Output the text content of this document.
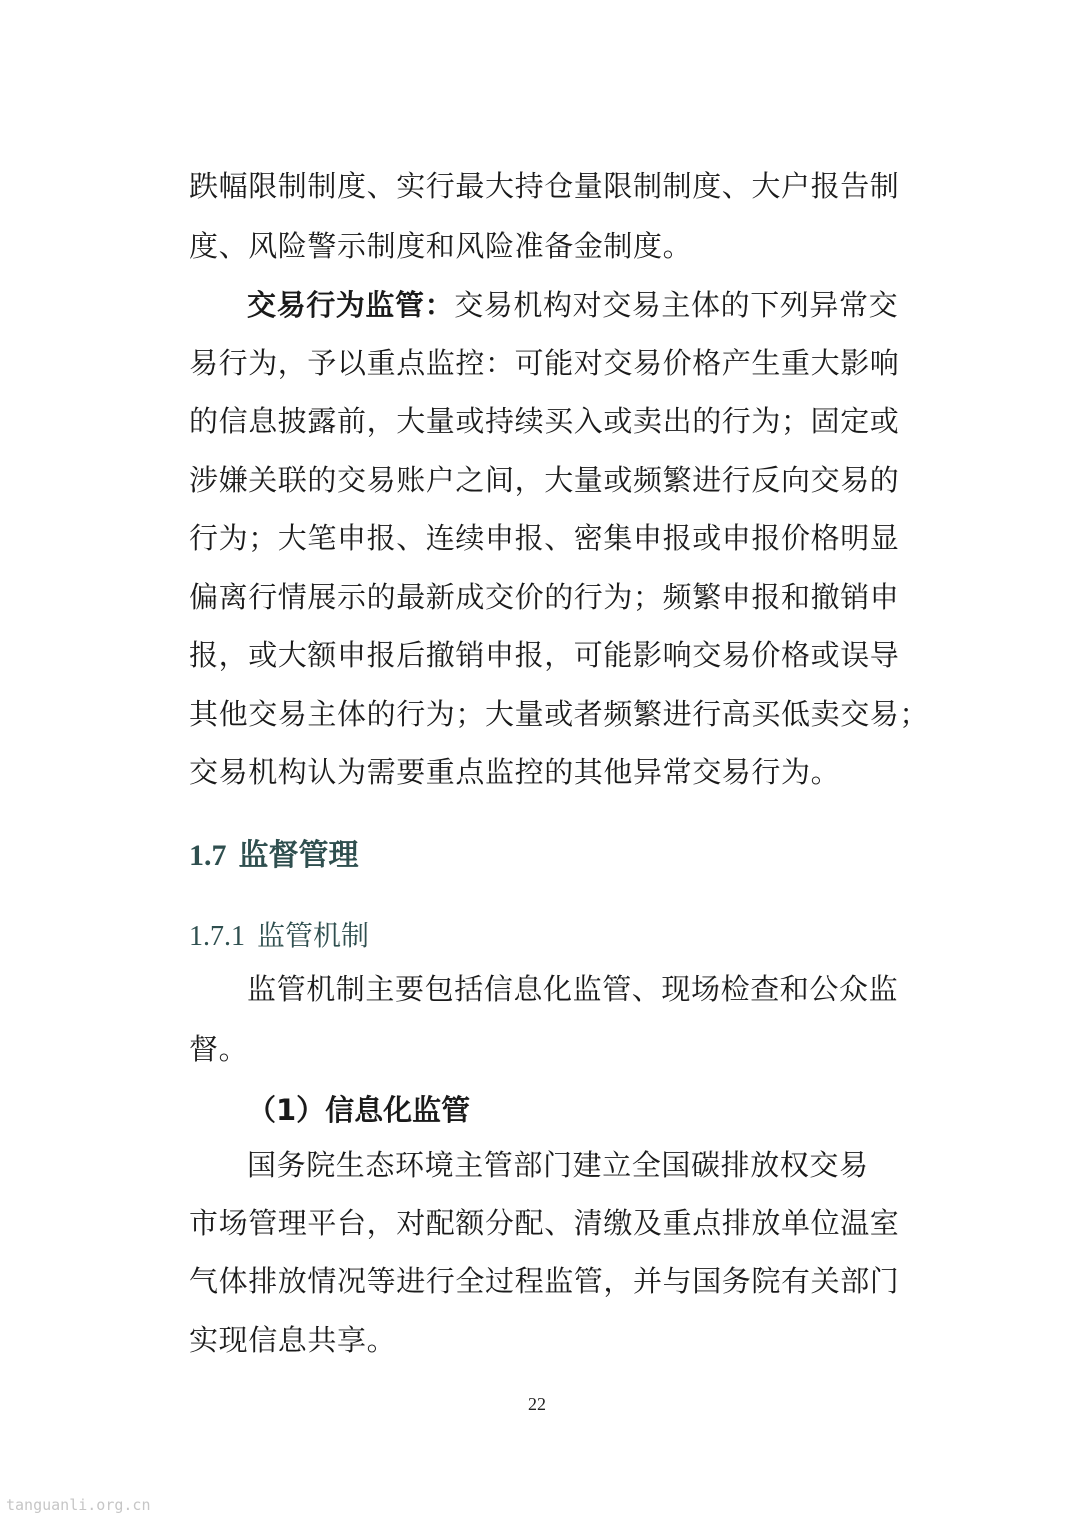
跌幅限制制度、实行最大持仓量限制制度、大户报告制
度、风险警示制度和风险准备金制度。
交易行为监管：交易机构对交易主体的下列异常交
易行为，予以重点监控：可能对交易价格产生重大影响
的信息披露前，大量或持续买入或卖出的行为；固定或
涉嫌关联的交易账户之间，大量或频繁进行反向交易的
行为；大笔申报、连续申报、密集申报或申报价格明显
偏离行情展示的最新成交价的行为；频繁申报和撤销申
报，或大额申报后撤销申报，可能影响交易价格或误导
其他交易主体的行为；大量或者频繁进行高买低卖交易；
交易机构认为需要重点监控的其他异常交易行为。
1.7 监督管理
1.7.1 监管机制
监管机制主要包括信息化监管、现场检查和公众监
督。
（1）信息化监管
国务院生态环境主管部门建立全国碳排放权交易
市场管理平台，对配额分配、清缴及重点排放单位温室
气体排放情况等进行全过程监管，并与国务院有关部门
实现信息共享。
22
tanguanli.org.cn
